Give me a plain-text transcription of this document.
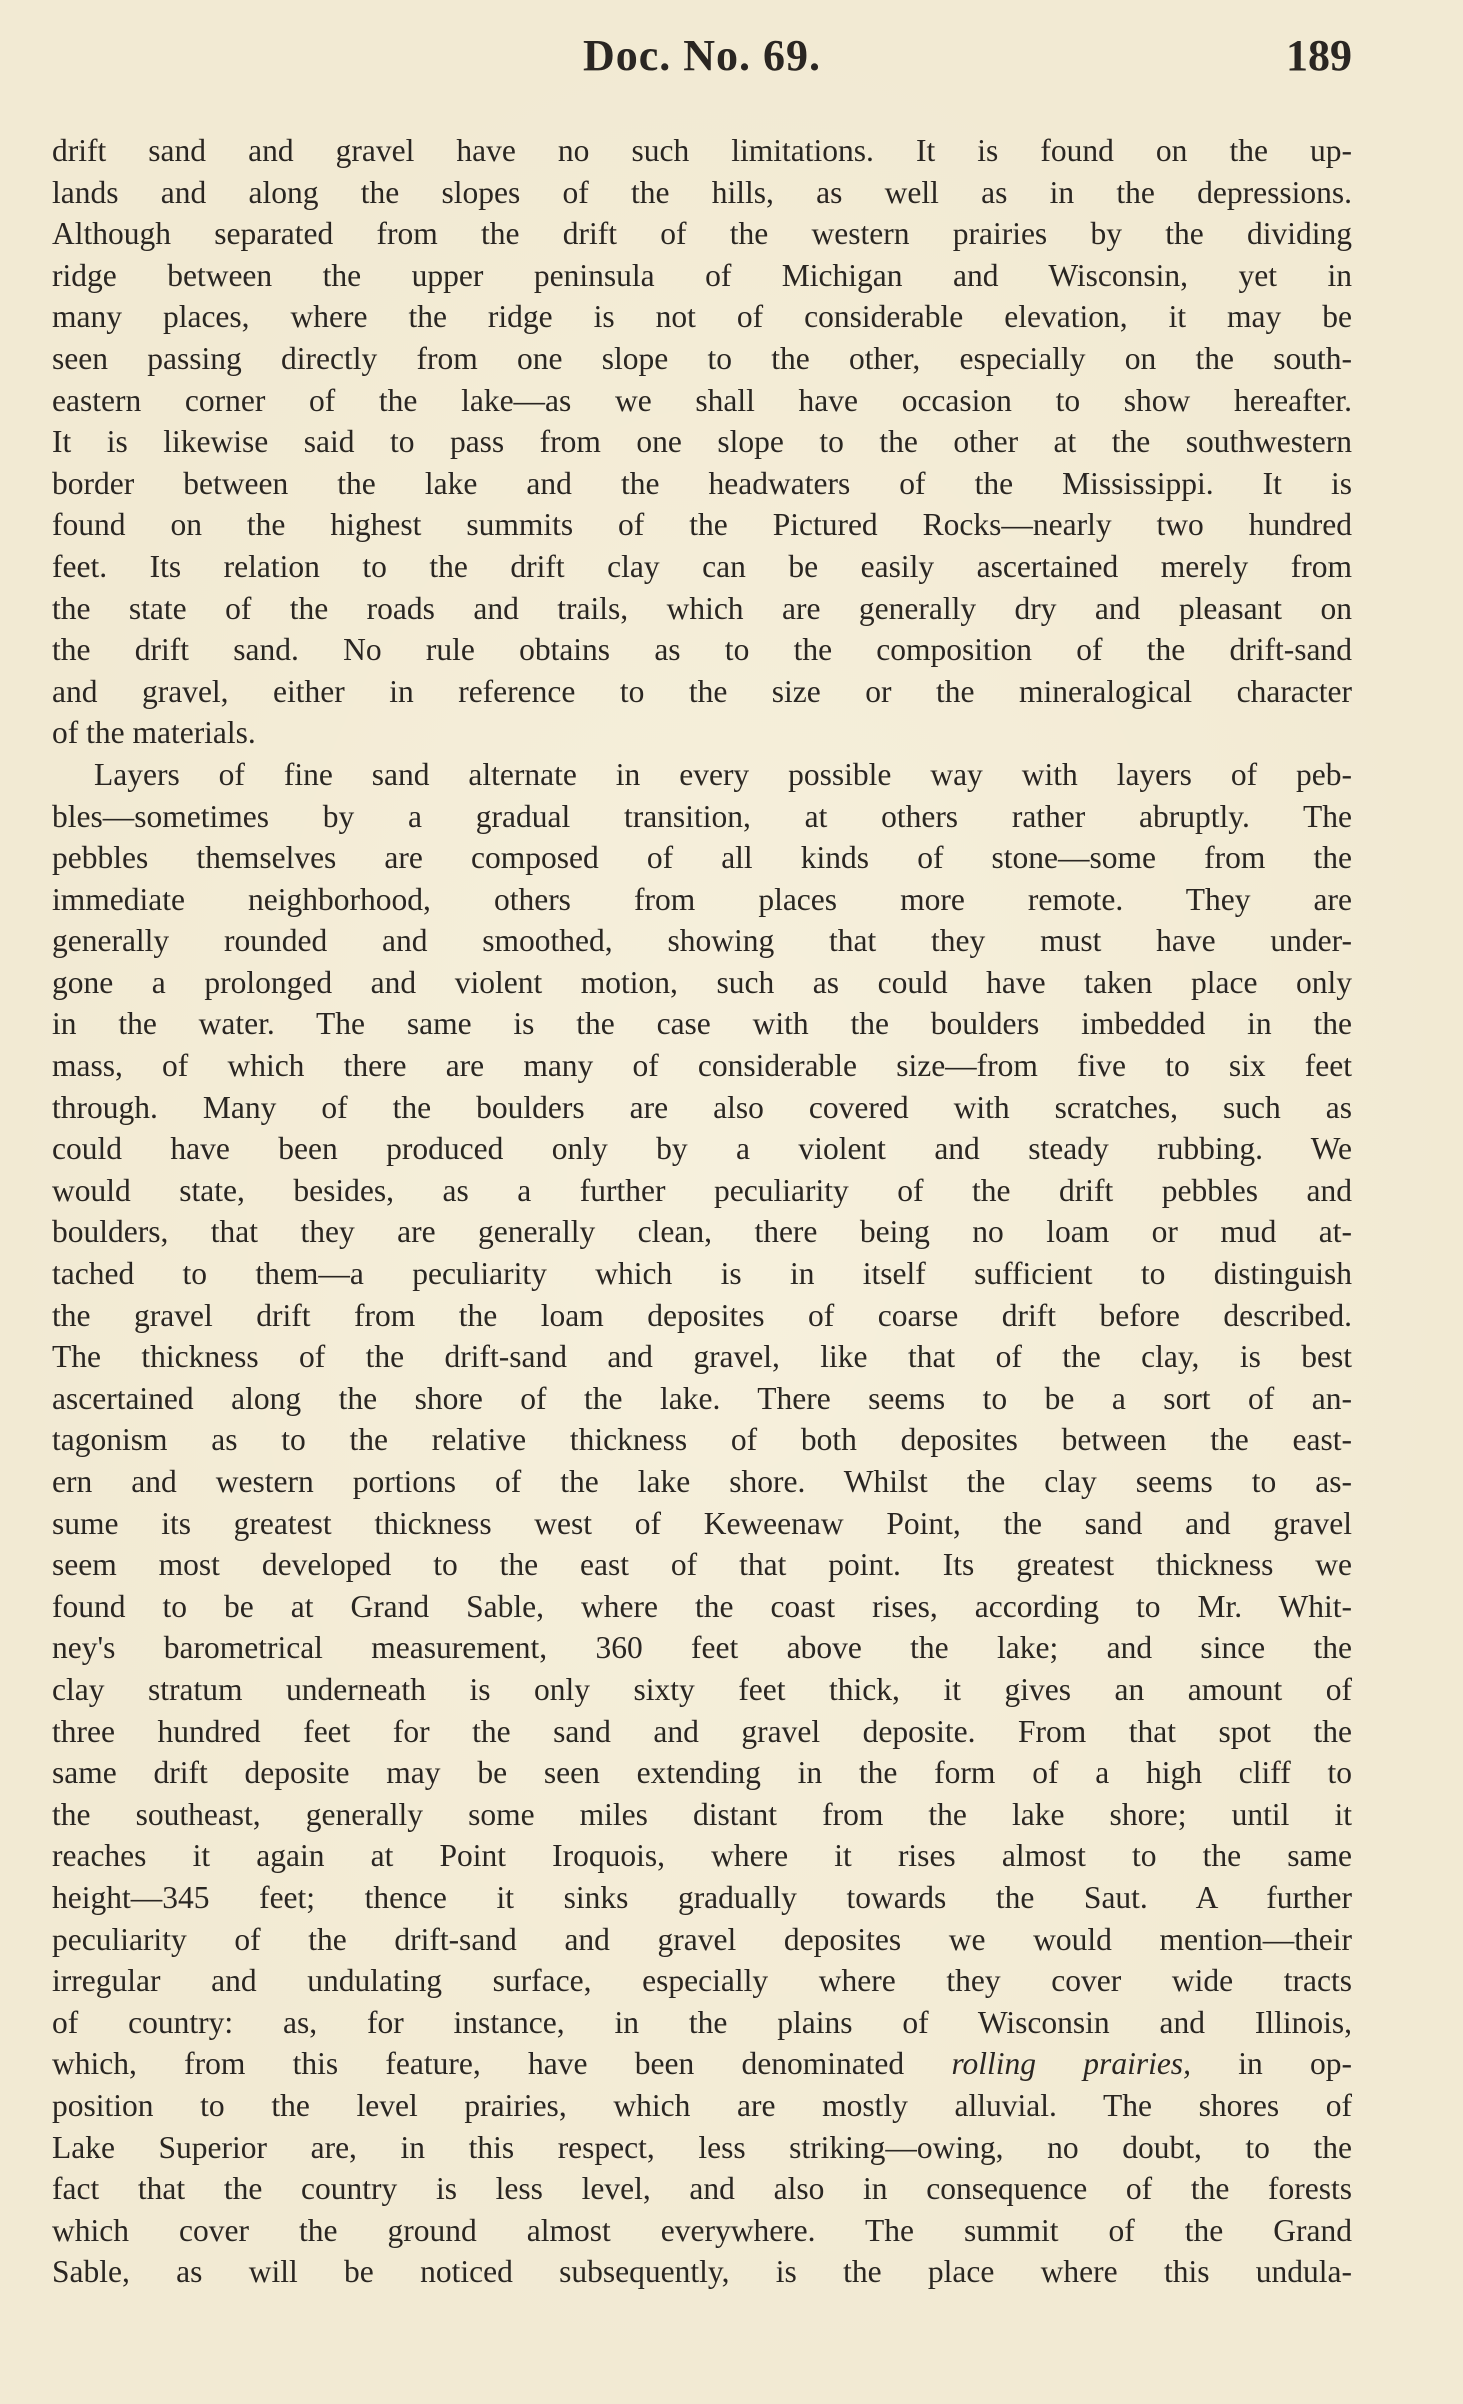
Doc. No. 69.	189
drift sand and gravel have no such limitations. It is found on the up-
lands and along the slopes of the hills, as well as in the depressions.
Although separated from the drift of the western prairies by the dividing
ridge between the upper peninsula of Michigan and Wisconsin, yet in
many places, where the ridge is not of considerable elevation, it may be
seen passing directly from one slope to the other, especially on the south-
eastern corner of the lake—as we shall have occasion to show hereafter.
It is likewise said to pass from one slope to the other at the southwestern
border between the lake and the headwaters of the Mississippi. It is
found on the highest summits of the Pictured Rocks—nearly two hundred
feet. Its relation to the drift clay can be easily ascertained merely from
the state of the roads and trails, which are generally dry and pleasant on
the drift sand. No rule obtains as to the composition of the drift-sand
and gravel, either in reference to the size or the mineralogical character
of the materials.
Layers of fine sand alternate in every possible way with layers of peb-
bles—sometimes by a gradual transition, at others rather abruptly. The
pebbles themselves are composed of all kinds of stone—some from the
immediate neighborhood, others from places more remote. They are
generally rounded and smoothed, showing that they must have under-
gone a prolonged and violent motion, such as could have taken place only
in the water. The same is the case with the boulders imbedded in the
mass, of which there are many of considerable size—from five to six feet
through. Many of the boulders are also covered with scratches, such as
could have been produced only by a violent and steady rubbing. We
would state, besides, as a further peculiarity of the drift pebbles and
boulders, that they are generally clean, there being no loam or mud at-
tached to them—a peculiarity which is in itself sufficient to distinguish
the gravel drift from the loam deposites of coarse drift before described.
The thickness of the drift-sand and gravel, like that of the clay, is best
ascertained along the shore of the lake. There seems to be a sort of an-
tagonism as to the relative thickness of both deposites between the east-
ern and western portions of the lake shore. Whilst the clay seems to as-
sume its greatest thickness west of Keweenaw Point, the sand and gravel
seem most developed to the east of that point. Its greatest thickness we
found to be at Grand Sable, where the coast rises, according to Mr. Whit-
ney's barometrical measurement, 360 feet above the lake; and since the
clay stratum underneath is only sixty feet thick, it gives an amount of
three hundred feet for the sand and gravel deposite. From that spot the
same drift deposite may be seen extending in the form of a high cliff to
the southeast, generally some miles distant from the lake shore; until it
reaches it again at Point Iroquois, where it rises almost to the same
height—345 feet; thence it sinks gradually towards the Saut. A further
peculiarity of the drift-sand and gravel deposites we would mention—their
irregular and undulating surface, especially where they cover wide tracts
of country: as, for instance, in the plains of Wisconsin and Illinois,
which, from this feature, have been denominated rolling prairies, in op-
position to the level prairies, which are mostly alluvial. The shores of
Lake Superior are, in this respect, less striking—owing, no doubt, to the
fact that the country is less level, and also in consequence of the forests
which cover the ground almost everywhere. The summit of the Grand
Sable, as will be noticed subsequently, is the place where this undula-
